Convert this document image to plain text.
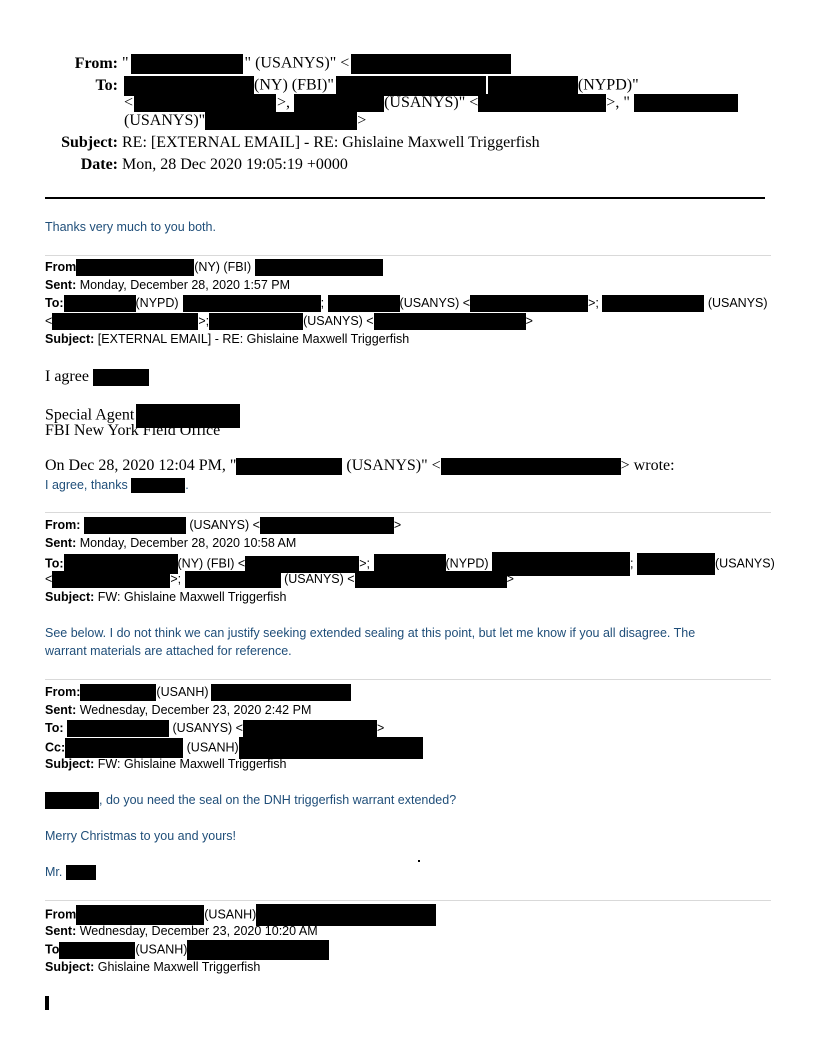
From: "	" (USANYS)" <
To:	(NY) (FBI)"	(NYPD)"
<	>,	(USANYS)" <	>, "
(USANYS)"	>
Subject: RE: [EXTERNAL EMAIL] - RE: Ghislaine Maxwell Triggerfish
Date: Mon, 28 Dec 2020 19:05:19 +0000
Thanks very much to you both.
From	(NY) (FBI)
Sent: Monday, December 28, 2020 1:57 PM
To:	(NYPD)	;	(USANYS) <	>;	(USANYS)
<	>;	(USANYS) <	>
Subject: [EXTERNAL EMAIL] - RE: Ghislaine Maxwell Triggerfish
I agree
Special Agent
FBI New York Field Office
On Dec 28, 2020 12:04 PM, "	(USANYS)" <	> wrote:
I agree, thanks	.
From:	(USANYS) <	>
Sent: Monday, December 28, 2020 10:58 AM
To:	(NY) (FBI) <	>;	(NYPD)	;	(USANYS)
<	>;	(USANYS) <	>
Subject: FW: Ghislaine Maxwell Triggerfish
See below. I do not think we can justify seeking extended sealing at this point, but let me know if you all disagree. The
warrant materials are attached for reference.
From:	(USANH)
Sent: Wednesday, December 23, 2020 2:42 PM
To:	(USANYS) <	>
Cc:	(USANH)
Subject: FW: Ghislaine Maxwell Triggerfish
, do you need the seal on the DNH triggerfish warrant extended?
Merry Christmas to you and yours!
Mr.
From	(USANH)
Sent: Wednesday, December 23, 2020 10:20 AM
To	(USANH)
Subject: Ghislaine Maxwell Triggerfish
